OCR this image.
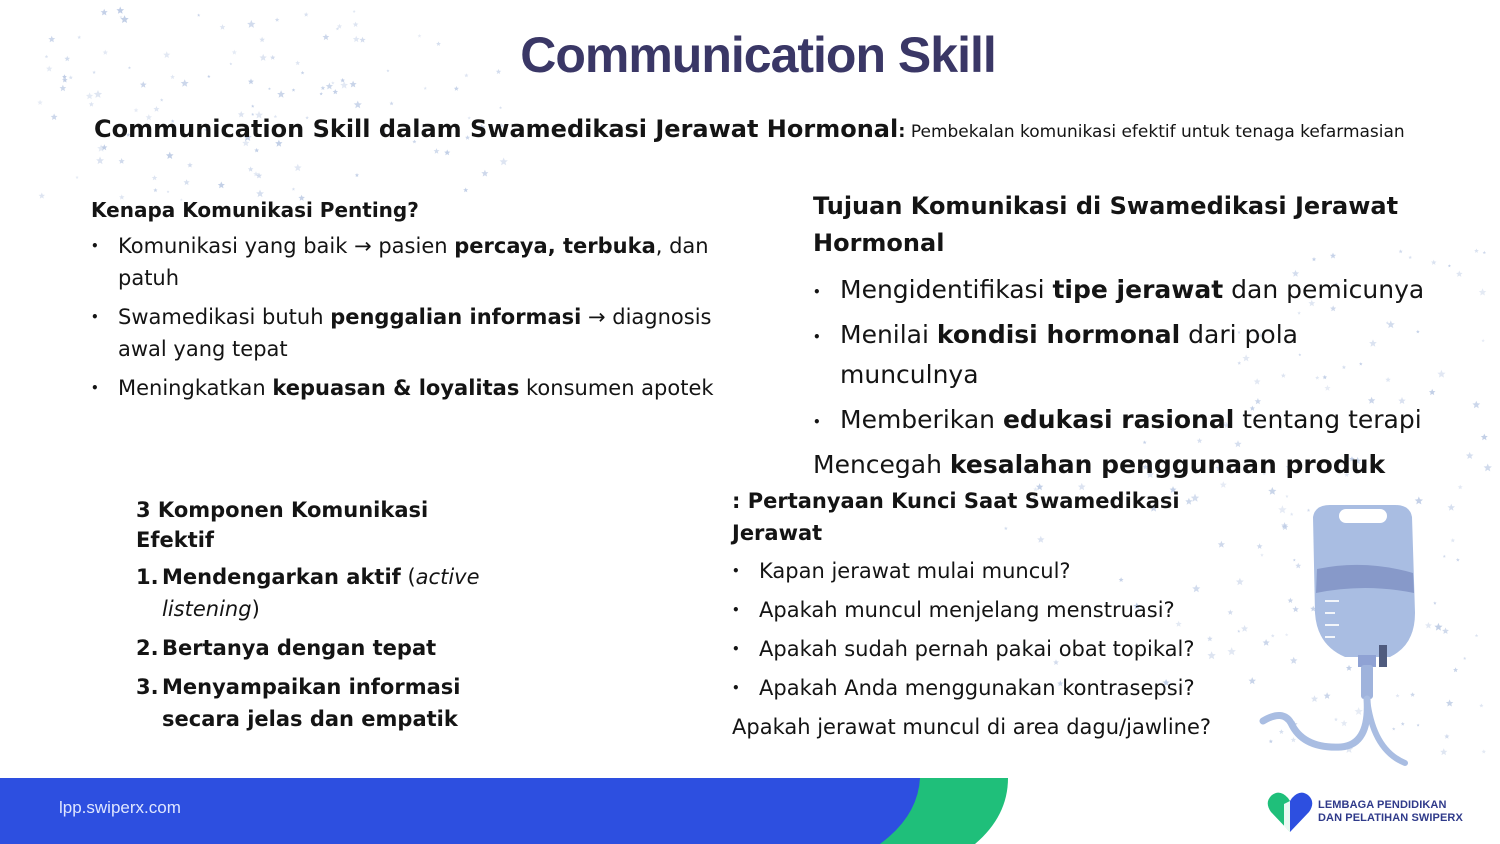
Communication Skill

Communication Skill dalam Swamedikasi Jerawat Hormonal: Pembekalan komunikasi efektif untuk tenaga kefarmasian

Kenapa Komunikasi Penting?
• Komunikasi yang baik → pasien percaya, terbuka, dan patuh
• Swamedikasi butuh penggalian informasi → diagnosis awal yang tepat
• Meningkatkan kepuasan & loyalitas konsumen apotek
Tujuan Komunikasi di Swamedikasi Jerawat Hormonal
• Mengidentifikasi tipe jerawat dan pemicunya
• Menilai kondisi hormonal dari pola munculnya
• Memberikan edukasi rasional tentang terapi
Mencegah kesalahan penggunaan produk
3 Komponen Komunikasi Efektif
1. Mendengarkan aktif (active listening)
2. Bertanya dengan tepat
3. Menyampaikan informasi secara jelas dan empatik
: Pertanyaan Kunci Saat Swamedikasi Jerawat
• Kapan jerawat mulai muncul?
• Apakah muncul menjelang menstruasi?
• Apakah sudah pernah pakai obat topikal?
• Apakah Anda menggunakan kontrasepsi?
Apakah jerawat muncul di area dagu/jawline?
lpp.swiperx.com	LEMBAGA PENDIDIKAN
DAN PELATIHAN SWIPERX
